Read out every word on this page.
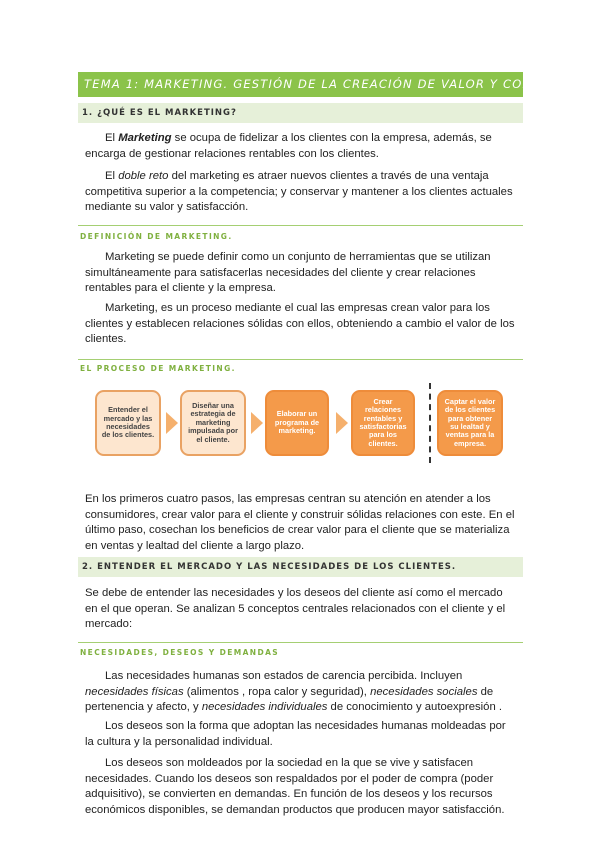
TEMA 1: MARKETING. GESTIÓN DE LA CREACIÓN DE VALOR Y COMPROMISO.
1. ¿QUÉ ES EL MARKETING?
El Marketing se ocupa de fidelizar a los clientes con la empresa, además, se encarga de gestionar relaciones rentables con los clientes.
El doble reto del marketing es atraer nuevos clientes a través de una ventaja competitiva superior a la competencia; y conservar y mantener a los clientes actuales mediante su valor y satisfacción.
DEFINICIÓN DE MARKETING.
Marketing se puede definir como un conjunto de herramientas que se utilizan simultáneamente para satisfacerlas necesidades del cliente y crear relaciones rentables para el cliente y la empresa.
Marketing, es un proceso mediante el cual las empresas crean valor para los clientes y establecen relaciones sólidas con ellos, obteniendo a cambio el valor de los clientes.
EL PROCESO DE MARKETING.
Entender el mercado y las necesidades de los clientes.
Diseñar una estrategia de marketing impulsada por el cliente.
Elaborar un programa de marketing.
Crear relaciones rentables y satisfactorias para los clientes.
Captar el valor de los clientes para obtener su lealtad y ventas para la empresa.
En los primeros cuatro pasos, las empresas centran su atención en atender a los consumidores, crear valor para el cliente y construir sólidas relaciones con este. En el último paso, cosechan los beneficios de crear valor para el cliente que se materializa en ventas y lealtad del cliente a largo plazo.
2. ENTENDER EL MERCADO Y LAS NECESIDADES DE LOS CLIENTES.
Se debe de entender las necesidades y los deseos del cliente así como el mercado en el que operan. Se analizan 5 conceptos centrales relacionados con el cliente y el mercado:
NECESIDADES, DESEOS Y DEMANDAS
Las necesidades humanas son estados de carencia percibida. Incluyen necesidades físicas (alimentos , ropa calor y seguridad), necesidades sociales de pertenencia y afecto, y necesidades individuales de conocimiento y autoexpresión .
Los deseos son la forma que adoptan las necesidades humanas moldeadas por la cultura y la personalidad individual.
Los deseos son moldeados por la sociedad en la que se vive y satisfacen necesidades. Cuando los deseos son respaldados por el poder de compra (poder adquisitivo), se convierten en demandas. En función de los deseos y los recursos económicos disponibles, se demandan productos que producen mayor satisfacción.
